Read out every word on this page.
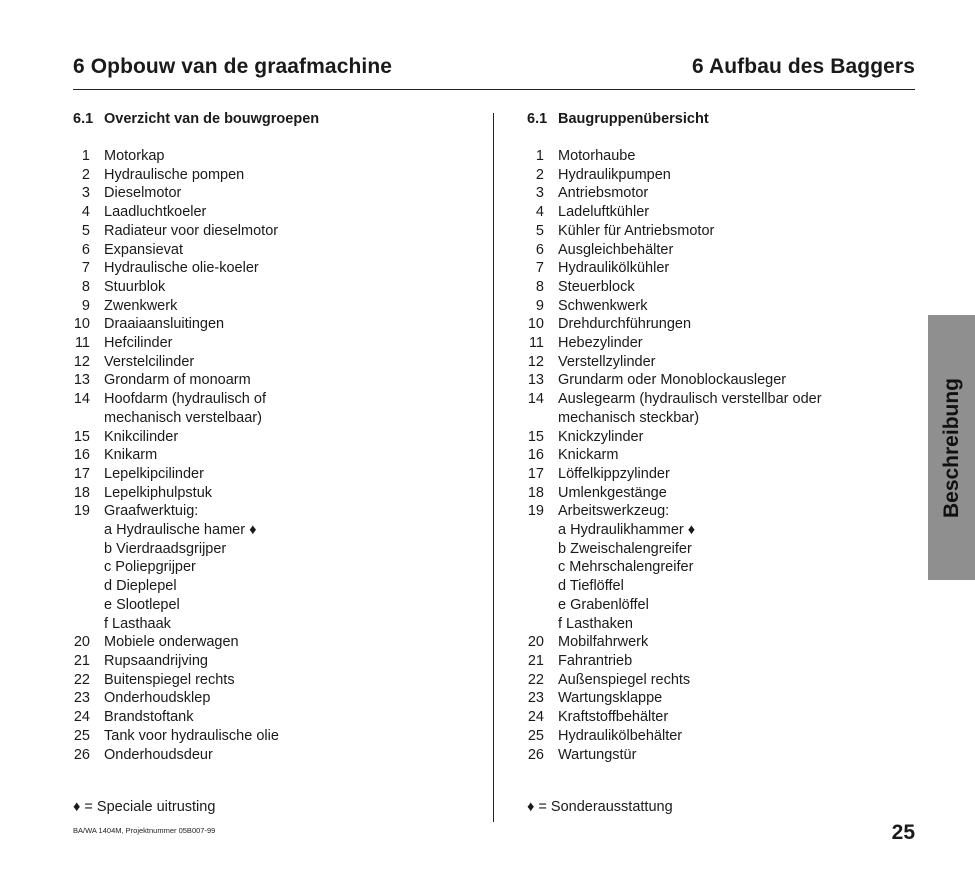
6 Opbouw van de graafmachine	6 Aufbau des Baggers
6.1 Overzicht van de bouwgroepen
1 Motorkap
2 Hydraulische pompen
3 Dieselmotor
4 Laadluchtkoeler
5 Radiateur voor dieselmotor
6 Expansievat
7 Hydraulische olie-koeler
8 Stuurblok
9 Zwenkwerk
10 Draaiaansluitingen
11 Hefcilinder
12 Verstelcilinder
13 Grondarm of monoarm
14 Hoofdarm (hydraulisch of
mechanisch verstelbaar)
15 Knikcilinder
16 Knikarm
17 Lepelkipcilinder
18 Lepelkiphulpstuk
19 Graafwerktuig:
a Hydraulische hamer ♦
b Vierdraadsgrijper
c Poliepgrijper
d Dieplepel
e Slootlepel
f Lasthaak
20 Mobiele onderwagen
21 Rupsaandrijving
22 Buitenspiegel rechts
23 Onderhoudsklep
24 Brandstoftank
25 Tank voor hydraulische olie
26 Onderhoudsdeur
6.1 Baugruppenübersicht
1 Motorhaube
2 Hydraulikpumpen
3 Antriebsmotor
4 Ladeluftkühler
5 Kühler für Antriebsmotor
6 Ausgleichbehälter
7 Hydraulikölkühler
8 Steuerblock
9 Schwenkwerk
10 Drehdurchführungen
11 Hebezylinder
12 Verstellzylinder
13 Grundarm oder Monoblockausleger
14 Auslegearm (hydraulisch verstellbar oder
mechanisch steckbar)
15 Knickzylinder
16 Knickarm
17 Löffelkippzylinder
18 Umlenkgestänge
19 Arbeitswerkzeug:
a Hydraulikhammer ♦
b Zweischalengreifer
c Mehrschalengreifer
d Tieflöffel
e Grabenlöffel
f Lasthaken
20 Mobilfahrwerk
21 Fahrantrieb
22 Außenspiegel rechts
23 Wartungsklappe
24 Kraftstoffbehälter
25 Hydraulikölbehälter
26 Wartungstür
♦ = Speciale uitrusting	♦ = Sonderausstattung
BA/WA 1404M, Projektnummer 05B007-99	25
Beschreibung
